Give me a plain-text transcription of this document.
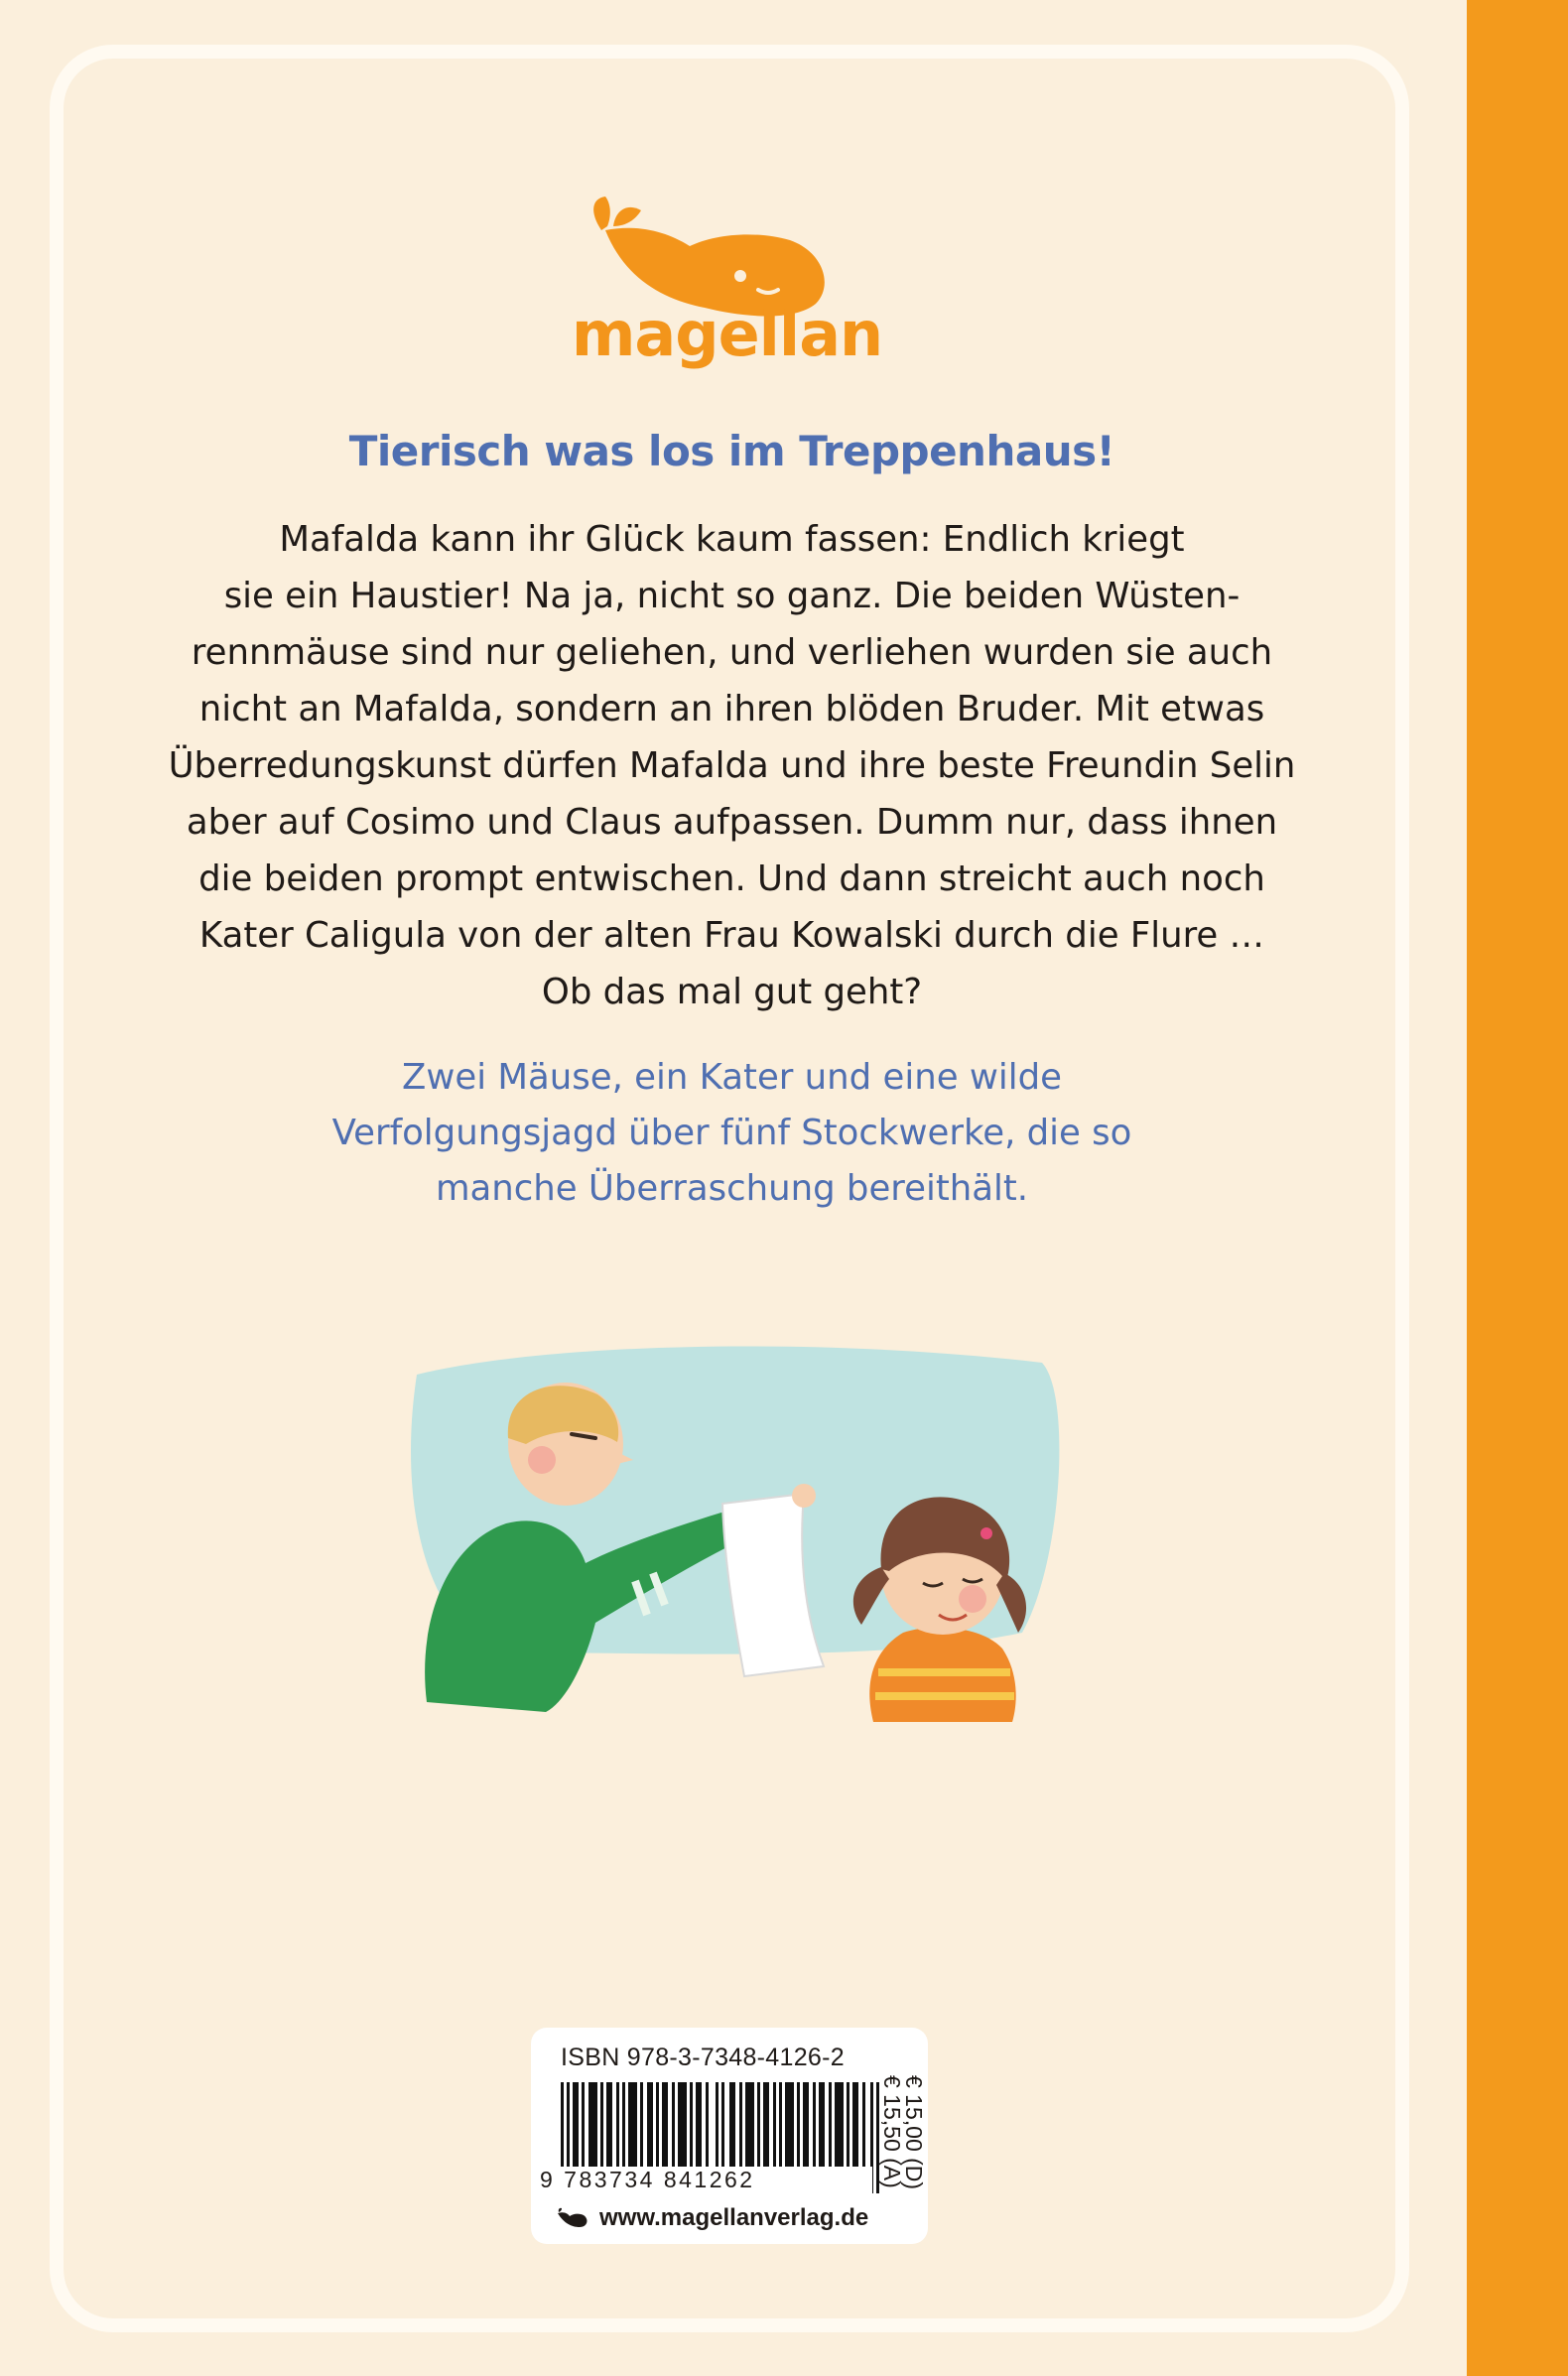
magellan
Tierisch was los im Treppenhaus!
Mafalda kann ihr Glück kaum fassen: Endlich kriegt
sie ein Haustier! Na ja, nicht so ganz. Die beiden Wüsten-
rennmäuse sind nur geliehen, und verliehen wurden sie auch
nicht an Mafalda, sondern an ihren blöden Bruder. Mit etwas
Überredungskunst dürfen Mafalda und ihre beste Freundin Selin
aber auf Cosimo und Claus aufpassen. Dumm nur, dass ihnen
die beiden prompt entwischen. Und dann streicht auch noch
Kater Caligula von der alten Frau Kowalski durch die Flure …
Ob das mal gut geht?
Zwei Mäuse, ein Kater und eine wilde
Verfolgungsjagd über fünf Stockwerke, die so
manche Überraschung bereithält.
ISBN 978-3-7348-4126-2
9 783734 841262	€ 15,00 (D)
€ 15,50 (A)
www.magellanverlag.de
